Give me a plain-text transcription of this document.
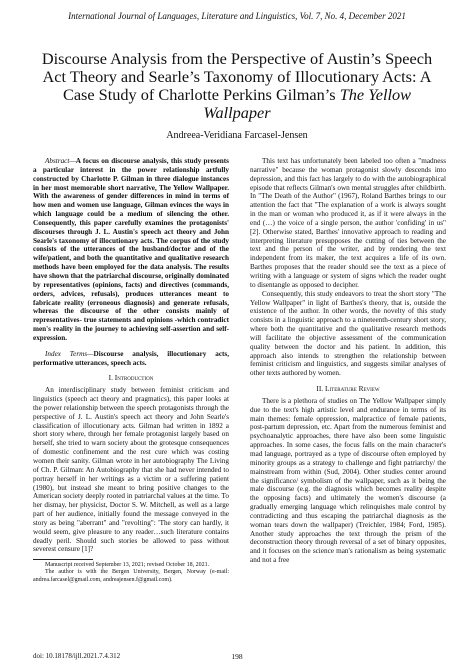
International Journal of Languages, Literature and Linguistics, Vol. 7, No. 4, December 2021
Discourse Analysis from the Perspective of Austin’s Speech Act Theory and Searle’s Taxonomy of Illocutionary Acts: A Case Study of Charlotte Perkins Gilman’s The Yellow Wallpaper
Andreea-Veridiana Farcasel-Jensen

Abstract—A focus on discourse analysis, this study presents a particular interest in the power relationship artfully constructed by Charlotte P. Gilman in three dialogue instances in her most memorable short narrative, The Yellow Wallpaper. With the awareness of gender differences in mind in terms of how men and women use language, Gilman evinces the ways in which language could be a medium of silencing the other. Consequently, this paper carefully examines the protagonists' discourses through J. L. Austin's speech act theory and John Searle's taxonomy of illocutionary acts. The corpus of the study consists of the utterances of the husband/doctor and of the wife/patient, and both the quantitative and qualitative research methods have been employed for the data analysis. The results have shown that the patriarchal discourse, originally dominated by representatives (opinions, facts) and directives (commands, orders, advices, refusals), produces utterances meant to fabricate reality (erroneous diagnosis) and generate refusals, whereas the discourse of the other consists mainly of representatives- true statements and opinions -which contradict men's reality in the journey to achieving self-assertion and self-expression.

Index Terms—Discourse analysis, illocutionary acts, performative utterances, speech acts.

I. Introduction

An interdisciplinary study between feminist criticism and linguistics (speech act theory and pragmatics), this paper looks at the power relationship between the speech protagonists through the perspective of J. L. Austin's speech act theory and John Searle's classification of illocutionary acts. Gilman had written in 1892 a short story where, through her female protagonist largely based on herself, she tried to warn society about the grotesque consequences of domestic confinement and the rest cure which was costing women their sanity. Gilman wrote in her autobiography The Living of Ch. P. Gilman: An Autobiography that she had never intended to portray herself in her writings as a victim or a suffering patient (1980), but instead she meant to bring positive changes to the American society deeply rooted in patriarchal values at the time. To her dismay, her physicist, Doctor S. W. Mitchell, as well as a large part of her audience, initially found the message conveyed in the story as being "aberrant" and "revolting": 'The story can hardly, it would seem, give pleasure to any reader…such literature contains deadly peril. Should such stories be allowed to pass without severest censure [1]?

Manuscript received September 13, 2021; revised October 18, 2021.

The author is with the Bergen University, Bergen, Norway (e-mail: andrea.farcasel@gmail.com, andreajensen.f@gmail.com).

This text has unfortunately been labeled too often a "madness narrative" because the woman protagonist slowly descends into depression, and this fact has largely to do with the autobiographical episode that reflects Gilman's own mental struggles after childbirth. In "The Death of the Author" (1967), Roland Barthes brings to our attention the fact that "The explanation of a work is always sought in the man or woman who produced it, as if it were always in the end (…) the voice of a single person, the author 'confiding' in us" [2]. Otherwise stated, Barthes' innovative approach to reading and interpreting literature presupposes the cutting of ties between the text and the person of the writer, and by rendering the text independent from its maker, the text acquires a life of its own. Barthes proposes that the reader should see the text as a piece of writing with a language or system of signs which the reader ought to disentangle as opposed to decipher.

Consequently, this study endeavors to treat the short story "The Yellow Wallpaper" in light of Barthes's theory, that is, outside the existence of the author. In other words, the novelty of this study consists in a linguistic approach to a nineteenth-century short story, where both the quantitative and the qualitative research methods will facilitate the objective assessment of the communication quality between the doctor and his patient. In addition, this approach also intends to strengthen the relationship between feminist criticism and linguistics, and suggests similar analyses of other texts authored by women.

II. Literature Review

There is a plethora of studies on The Yellow Wallpaper simply due to the text's high artistic level and endurance in terms of its main themes: female oppression, malpractice of female patients, post-partum depression, etc. Apart from the numerous feminist and psychoanalytic approaches, there have also been some linguistic approaches. In some cases, the focus falls on the main character's mad language, portrayed as a type of discourse often employed by minority groups as a strategy to challenge and fight patriarchy/ the mainstream from within (Sud, 2004). Other studies center around the significance/ symbolism of the wallpaper, such as it being the male discourse (e.g. the diagnosis which becomes reality despite the opposing facts) and ultimately the women's discourse (a gradually emerging language which relinquishes male control by contradicting and thus escaping the patriarchal diagnosis as the woman tears down the wallpaper) (Treichler, 1984; Ford, 1985). Another study approaches the text through the prism of the deconstruction theory through reversal of a set of binary opposites, and it focuses on the science man's rationalism as being systematic and not a free

doi: 10.18178/ijll.2021.7.4.312	198
